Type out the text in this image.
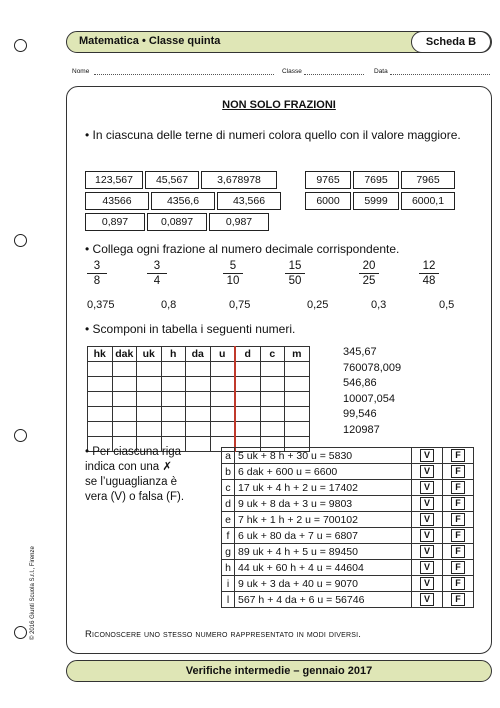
Matematica • Classe quinta	Scheda B
Nome	Classe	Data
NON SOLO FRAZIONI
• In ciascuna delle terne di numeri colora quello con il valore maggiore.
123,567	45,567	3,678978
43566	4356,6	43,566
0,897	0,0897	0,987
9765	7695	7965
6000	5999	6000,1
• Collega ogni frazione al numero decimale corrispondente.
$\frac{3}{8}$	$\frac{3}{4}$	$\frac{5}{10}$	$\frac{15}{50}$	$\frac{20}{25}$	$\frac{12}{48}$
0,375	0,8	0,75	0,25	0,3	0,5
• Scomponi in tabella i seguenti numeri.
hk	dak	uk	h	da	u	d	c	m

									345,67
760078,009
546,86
10007,054
99,546
120987
• Per ciascuna riga
indica con una ✗
se l’uguaglianza è
vera (V) o falsa (F).
a	5 uk + 8 h + 30 u = 5830	V	F
b	6 dak + 600 u = 6600	V	F
c	17 uk + 4 h + 2 u = 17402	V	F
d	9 uk + 8 da + 3 u = 9803	V	F
e	7 hk + 1 h + 2 u = 700102	V	F
f	6 uk + 80 da + 7 u = 6807	V	F
g	89 uk + 4 h + 5 u = 89450	V	F
h	44 uk + 60 h + 4 u = 44604	V	F
i	9 uk + 3 da + 40 u = 9070	V	F
l	567 h + 4 da + 6 u = 56746	V	F
Riconoscere uno stesso numero rappresentato in modi diversi.
© 2016 Giunti Scuola S.r.l., Firenze
Verifiche intermedie – gennaio 2017
